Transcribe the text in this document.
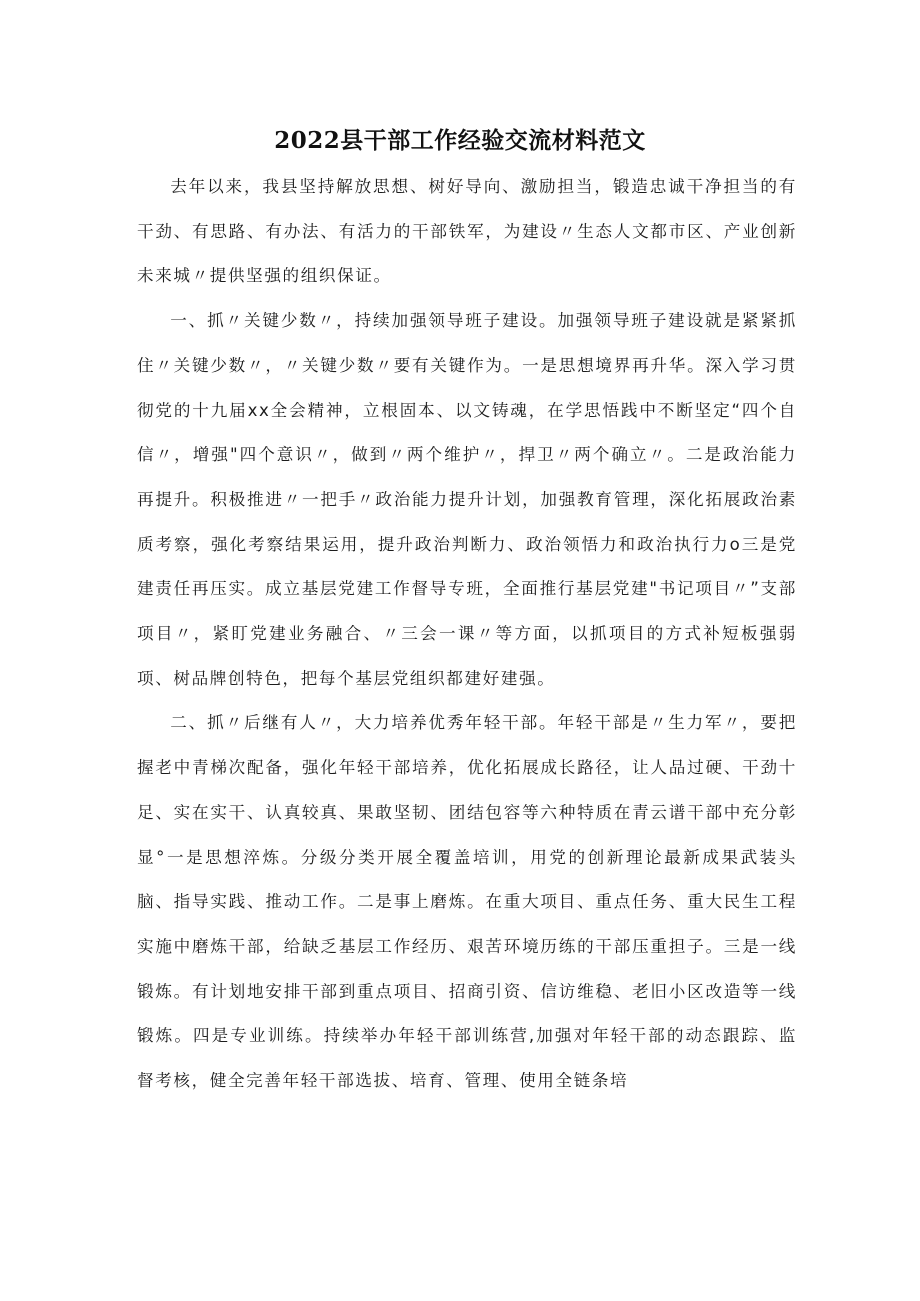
2022县干部工作经验交流材料范文

去年以来，我县坚持解放思想、树好导向、激励担当，锻造忠诚干净担当的有干劲、有思路、有办法、有活力的干部铁军，为建设〃生态人文都市区、产业创新未来城〃提供坚强的组织保证。

一、抓〃关键少数〃，持续加强领导班子建设。加强领导班子建设就是紧紧抓住〃关键少数〃，〃关键少数〃要有关键作为。一是思想境界再升华。深入学习贯彻党的十九届xx全会精神，立根固本、以文铸魂，在学思悟践中不断坚定“四个自信〃，增强"四个意识〃，做到〃两个维护〃，捍卫〃两个确立〃。二是政治能力再提升。积极推进〃一把手〃政治能力提升计划，加强教育管理，深化拓展政治素质考察，强化考察结果运用，提升政治判断力、政治领悟力和政治执行力ο三是党建责任再压实。成立基层党建工作督导专班，全面推行基层党建"书记项目〃”支部项目〃，紧盯党建业务融合、〃三会一课〃等方面，以抓项目的方式补短板强弱项、树品牌创特色，把每个基层党组织都建好建强。

二、抓〃后继有人〃，大力培养优秀年轻干部。年轻干部是〃生力军〃，要把握老中青梯次配备，强化年轻干部培养，优化拓展成长路径，让人品过硬、干劲十足、实在实干、认真较真、果敢坚韧、团结包容等六种特质在青云谱干部中充分彰显°一是思想淬炼。分级分类开展全覆盖培训，用党的创新理论最新成果武装头脑、指导实践、推动工作。二是事上磨炼。在重大项目、重点任务、重大民生工程实施中磨炼干部，给缺乏基层工作经历、艰苦环境历练的干部压重担子。三是一线锻炼。有计划地安排干部到重点项目、招商引资、信访维稳、老旧小区改造等一线锻炼。四是专业训练。持续举办年轻干部训练营,加强对年轻干部的动态跟踪、监督考核，健全完善年轻干部选拔、培育、管理、使用全链条培
